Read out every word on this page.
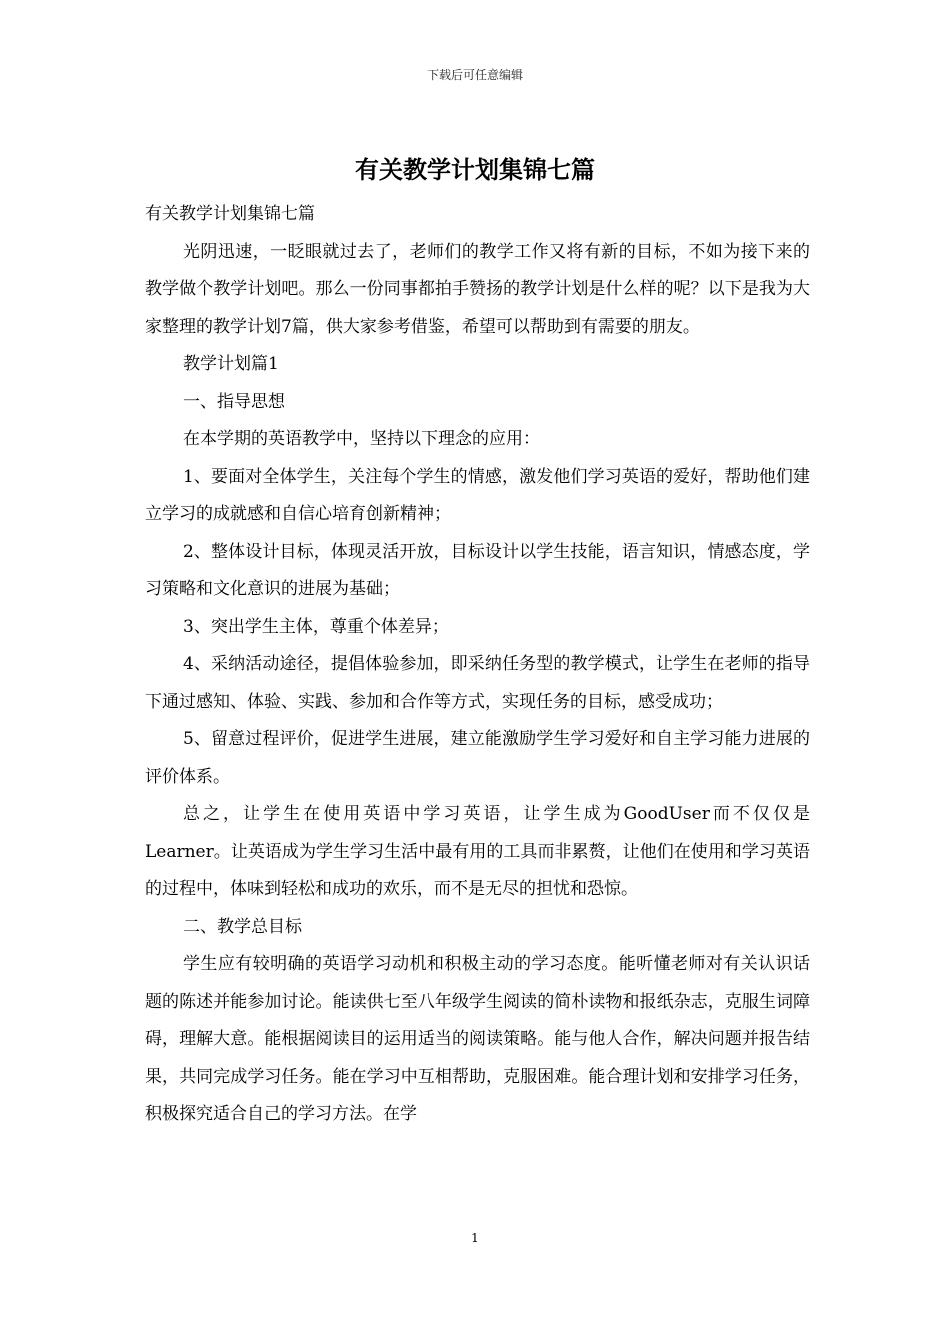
下载后可任意编辑
有关教学计划集锦七篇

有关教学计划集锦七篇

光阴迅速，一眨眼就过去了，老师们的教学工作又将有新的目标，不如为接下来的教学做个教学计划吧。那么一份同事都拍手赞扬的教学计划是什么样的呢？以下是我为大家整理的教学计划7篇，供大家参考借鉴，希望可以帮助到有需要的朋友。

教学计划篇1

一、指导思想

在本学期的英语教学中，坚持以下理念的应用：

1、要面对全体学生，关注每个学生的情感，激发他们学习英语的爱好，帮助他们建立学习的成就感和自信心培育创新精神；

2、整体设计目标，体现灵活开放，目标设计以学生技能，语言知识，情感态度，学习策略和文化意识的进展为基础；

3、突出学生主体，尊重个体差异；

4、采纳活动途径，提倡体验参加，即采纳任务型的教学模式，让学生在老师的指导下通过感知、体验、实践、参加和合作等方式，实现任务的目标，感受成功；

5、留意过程评价，促进学生进展，建立能激励学生学习爱好和自主学习能力进展的评价体系。

总之，让学生在使用英语中学习英语，让学生成为GoodUser而不仅仅是Learner。让英语成为学生学习生活中最有用的工具而非累赘，让他们在使用和学习英语的过程中，体味到轻松和成功的欢乐，而不是无尽的担忧和恐惊。

二、教学总目标

学生应有较明确的英语学习动机和积极主动的学习态度。能听懂老师对有关认识话题的陈述并能参加讨论。能读供七至八年级学生阅读的简朴读物和报纸杂志，克服生词障碍，理解大意。能根据阅读目的运用适当的阅读策略。能与他人合作，解决问题并报告结果，共同完成学习任务。能在学习中互相帮助，克服困难。能合理计划和安排学习任务，积极探究适合自己的学习方法。在学

1
